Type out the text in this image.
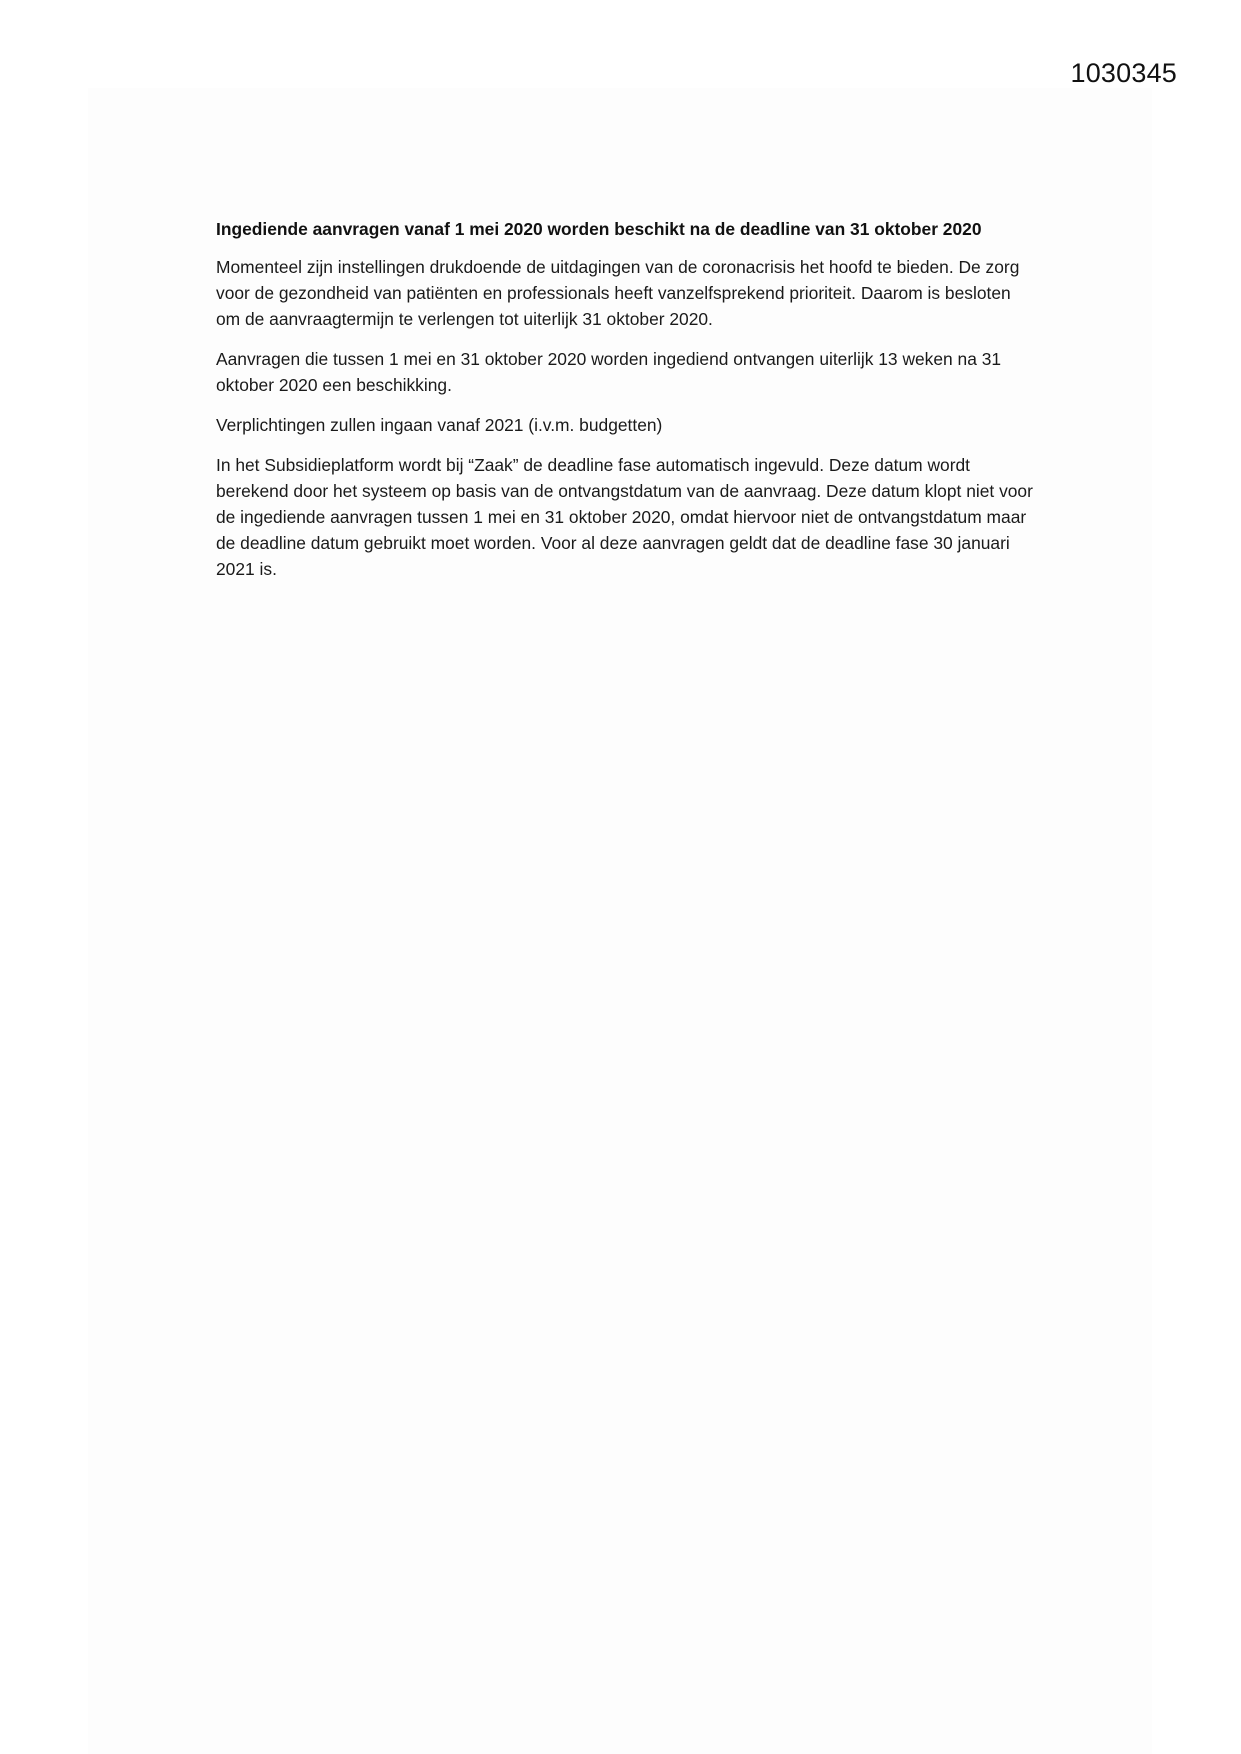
1030345

Ingediende aanvragen vanaf 1 mei 2020 worden beschikt na de deadline van 31 oktober 2020

Momenteel zijn instellingen drukdoende de uitdagingen van de coronacrisis het hoofd te bieden. De zorg voor de gezondheid van patiënten en professionals heeft vanzelfsprekend prioriteit. Daarom is besloten om de aanvraagtermijn te verlengen tot uiterlijk 31 oktober 2020.

Aanvragen die tussen 1 mei en 31 oktober 2020 worden ingediend ontvangen uiterlijk 13 weken na 31 oktober 2020 een beschikking.

Verplichtingen zullen ingaan vanaf 2021 (i.v.m. budgetten)

In het Subsidieplatform wordt bij “Zaak” de deadline fase automatisch ingevuld. Deze datum wordt berekend door het systeem op basis van de ontvangstdatum van de aanvraag. Deze datum klopt niet voor de ingediende aanvragen tussen 1 mei en 31 oktober 2020, omdat hiervoor niet de ontvangstdatum maar de deadline datum gebruikt moet worden. Voor al deze aanvragen geldt dat de deadline fase 30 januari 2021 is.
